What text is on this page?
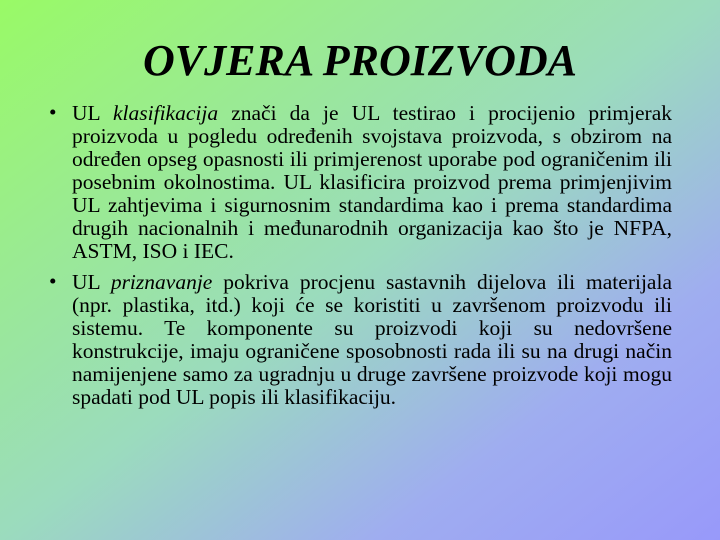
OVJERA PROIZVODA
• UL klasifikacija znači da je UL testirao i procijenio primjerak proizvoda u pogledu određenih svojstava proizvoda, s obzirom na određen opseg opasnosti ili primjerenost uporabe pod ograničenim ili posebnim okolnostima. UL klasificira proizvod prema primjenjivim UL zahtjevima i sigurnosnim standardima kao i prema standardima drugih nacionalnih i međunarodnih organizacija kao što je NFPA, ASTM, ISO i IEC.
• UL priznavanje pokriva procjenu sastavnih dijelova ili materijala (npr. plastika, itd.) koji će se koristiti u završenom proizvodu ili sistemu. Te komponente su proizvodi koji su nedovršene konstrukcije, imaju ograničene sposobnosti rada ili su na drugi način namijenjene samo za ugradnju u druge završene proizvode koji mogu spadati pod UL popis ili klasifikaciju.
